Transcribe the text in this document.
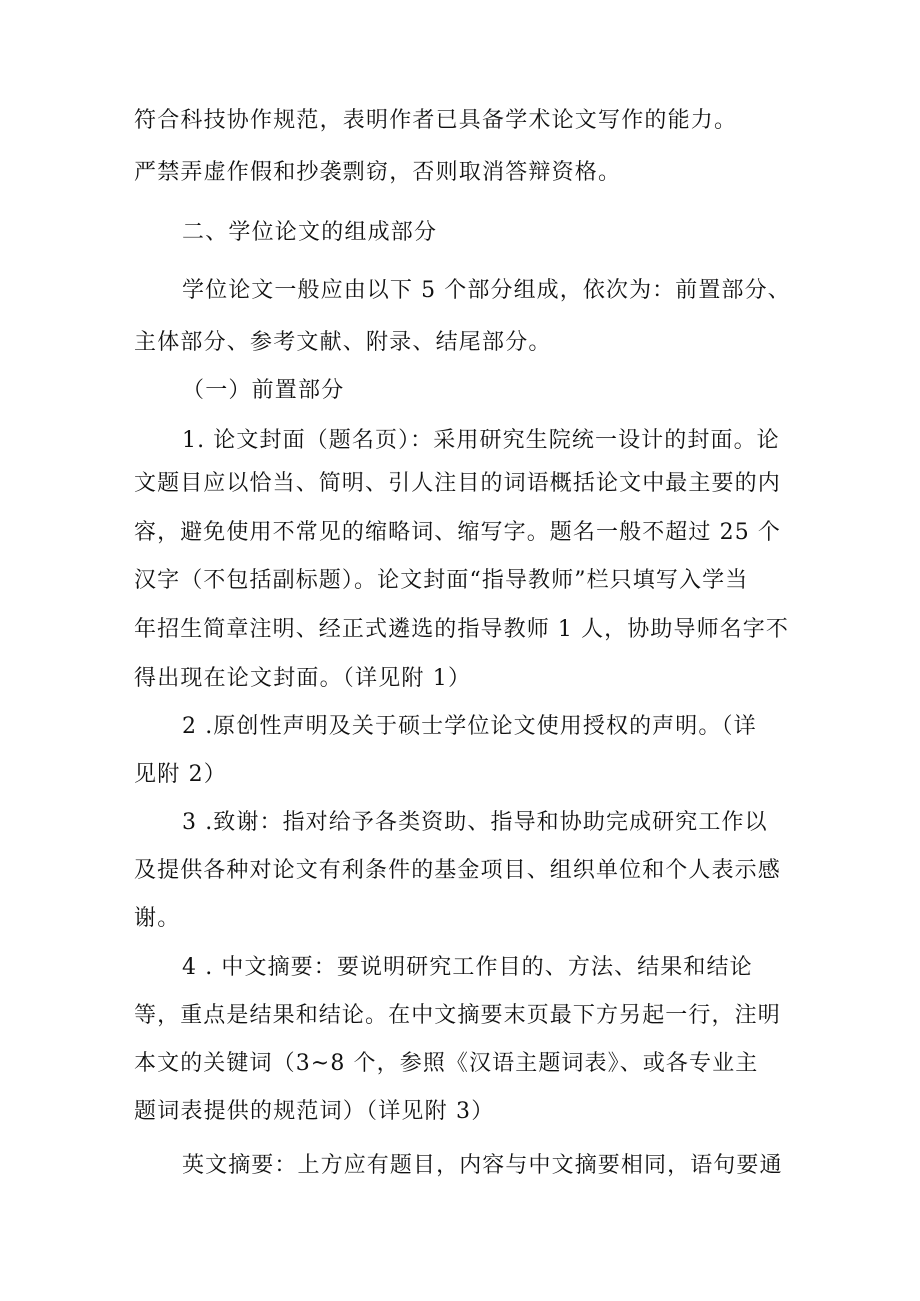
符合科技协作规范，表明作者已具备学术论文写作的能力。
严禁弄虚作假和抄袭剽窃，否则取消答辩资格。
二、学位论文的组成部分
学位论文一般应由以下 5 个部分组成，依次为：前置部分、
主体部分、参考文献、附录、结尾部分。
（一）前置部分
1. 论文封面（题名页）：采用研究生院统一设计的封面。论
文题目应以恰当、简明、引人注目的词语概括论文中最主要的内
容，避免使用不常见的缩略词、缩写字。题名一般不超过 25 个
汉字（不包括副标题）。论文封面“指导教师”栏只填写入学当
年招生简章注明、经正式遴选的指导教师 1 人，协助导师名字不
得出现在论文封面。（详见附 1）
2 .原创性声明及关于硕士学位论文使用授权的声明。（详
见附 2）
3 .致谢：指对给予各类资助、指导和协助完成研究工作以
及提供各种对论文有利条件的基金项目、组织单位和个人表示感
谢。
4 . 中文摘要：要说明研究工作目的、方法、结果和结论
等，重点是结果和结论。在中文摘要末页最下方另起一行，注明
本文的关键词（3~8 个，参照《汉语主题词表》、或各专业主
题词表提供的规范词）（详见附 3）
英文摘要：上方应有题目，内容与中文摘要相同，语句要通
